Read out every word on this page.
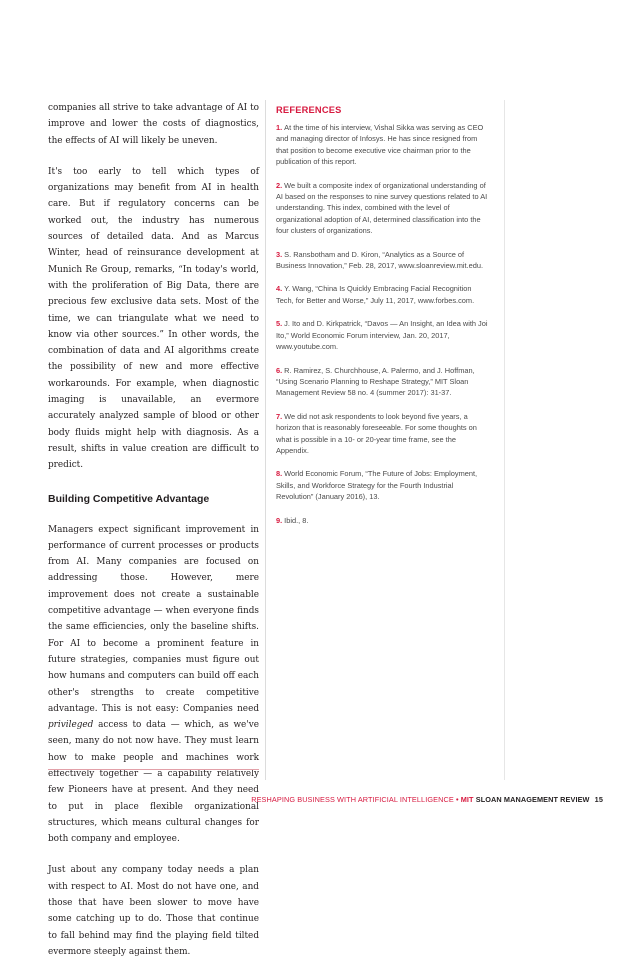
companies all strive to take advantage of AI to improve and lower the costs of diagnostics, the effects of AI will likely be uneven.

It's too early to tell which types of organizations may benefit from AI in health care. But if regulatory concerns can be worked out, the industry has numerous sources of detailed data. And as Marcus Winter, head of reinsurance development at Munich Re Group, remarks, “In today's world, with the proliferation of Big Data, there are precious few exclusive data sets. Most of the time, we can triangulate what we need to know via other sources.” In other words, the combination of data and AI algorithms create the possibility of new and more effective workarounds. For example, when diagnostic imaging is unavailable, an evermore accurately analyzed sample of blood or other body fluids might help with diagnosis. As a result, shifts in value creation are difficult to predict.

Building Competitive Advantage

Managers expect significant improvement in performance of current processes or products from AI. Many companies are focused on addressing those. However, mere improvement does not create a sustainable competitive advantage — when everyone finds the same efficiencies, only the baseline shifts. For AI to become a prominent feature in future strategies, companies must figure out how humans and computers can build off each other's strengths to create competitive advantage. This is not easy: Companies need privileged access to data — which, as we've seen, many do not now have. They must learn how to make people and machines work effectively together — a capability relatively few Pioneers have at present. And they need to put in place flexible organizational structures, which means cultural changes for both company and employee.

Just about any company today needs a plan with respect to AI. Most do not have one, and those that have been slower to move have some catching up to do. Those that continue to fall behind may find the playing field tilted evermore steeply against them.

REFERENCES
1. At the time of his interview, Vishal Sikka was serving as CEO and managing director of Infosys. He has since resigned from that position to become executive vice chairman prior to the publication of this report.
2. We built a composite index of organizational understanding of AI based on the responses to nine survey questions related to AI understanding. This index, combined with the level of organizational adoption of AI, determined classification into the four clusters of organizations.
3. S. Ransbotham and D. Kiron, “Analytics as a Source of Business Innovation,” Feb. 28, 2017, www.sloanreview.mit.edu.
4. Y. Wang, “China Is Quickly Embracing Facial Recognition Tech, for Better and Worse,” July 11, 2017, www.forbes.com.
5. J. Ito and D. Kirkpatrick, “Davos — An Insight, an Idea with Joi Ito,” World Economic Forum interview, Jan. 20, 2017, www.youtube.com.
6. R. Ramirez, S. Churchhouse, A. Palermo, and J. Hoffman, “Using Scenario Planning to Reshape Strategy,” MIT Sloan Management Review 58 no. 4 (summer 2017): 31-37.
7. We did not ask respondents to look beyond five years, a horizon that is reasonably foreseeable. For some thoughts on what is possible in a 10- or 20-year time frame, see the Appendix.
8. World Economic Forum, “The Future of Jobs: Employment, Skills, and Workforce Strategy for the Fourth Industrial Revolution” (January 2016), 13.
9. Ibid., 8.
RESHAPING BUSINESS WITH ARTIFICIAL INTELLIGENCE • MIT SLOAN MANAGEMENT REVIEW 15
